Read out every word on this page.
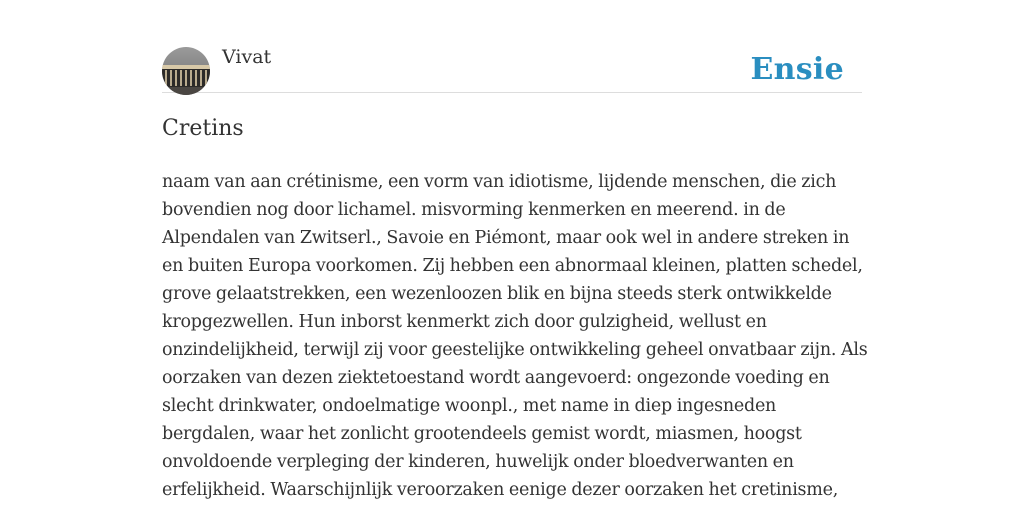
Vivat	Ensie
Cretins

naam van aan crétinisme, een vorm van idiotisme, lijdende menschen, die zich bovendien nog door lichamel. misvorming kenmerken en meerend. in de Alpendalen van Zwitserl., Savoie en Piémont, maar ook wel in andere streken in en buiten Europa voorkomen. Zij hebben een abnormaal kleinen, platten schedel, grove gelaatstrekken, een wezenloozen blik en bijna steeds sterk ontwikkelde kropgezwellen. Hun inborst kenmerkt zich door gulzigheid, wellust en onzindelijkheid, terwijl zij voor geestelijke ontwikkeling geheel onvatbaar zijn. Als oorzaken van dezen ziektetoestand wordt aangevoerd: ongezonde voeding en slecht drinkwater, ondoelmatige woonpl., met name in diep ingesneden bergdalen, waar het zonlicht grootendeels gemist wordt, miasmen, hoogst onvoldoende verpleging der kinderen, huwelijk onder bloedverwanten en erfelijkheid. Waarschijnlijk veroorzaken eenige dezer oorzaken het cretinisme,
